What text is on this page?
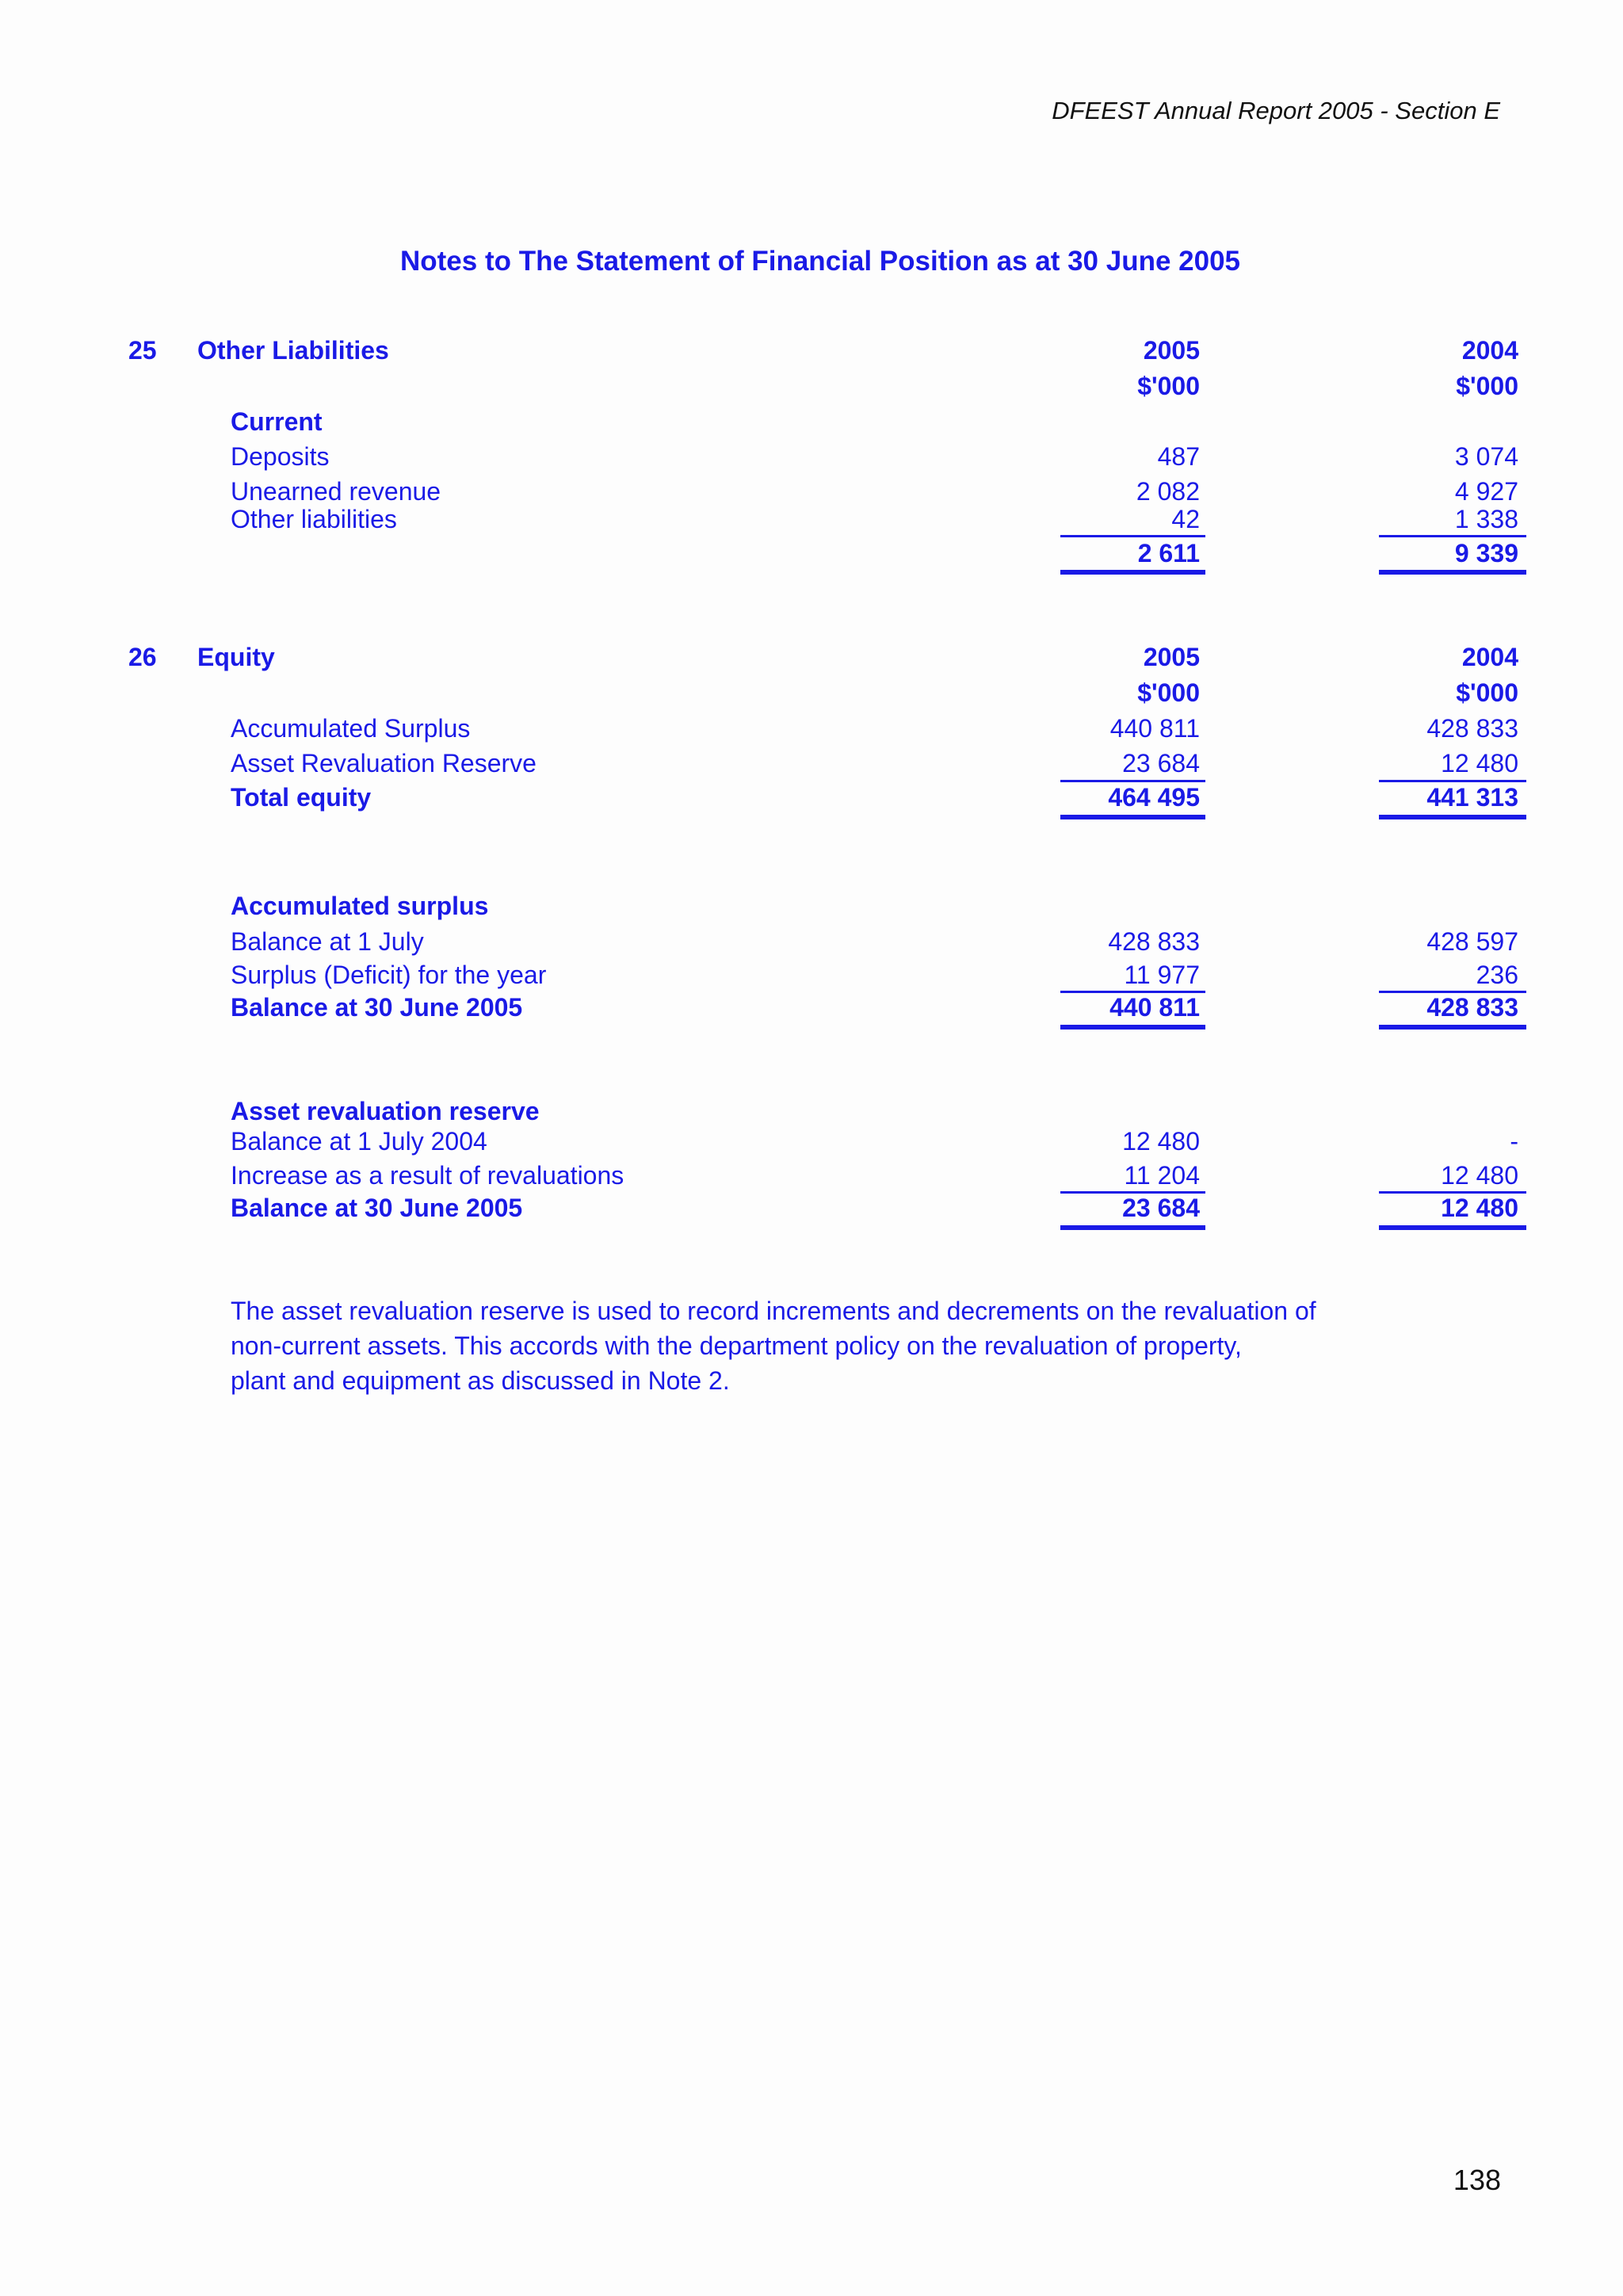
DFEEST Annual Report 2005 - Section E
Notes to The Statement of Financial Position as at 30 June 2005
25 Other Liabilities	2005	2004
$'000	$'000
Current
Deposits	487	3 074
Unearned revenue	2 082	4 927
Other liabilities	42	1 338
2 611	9 339
26 Equity	2005	2004
$'000	$'000
Accumulated Surplus	440 811	428 833
Asset Revaluation Reserve	23 684	12 480
Total equity	464 495	441 313
Accumulated surplus
Balance at 1 July	428 833	428 597
Surplus (Deficit) for the year	11 977	236
Balance at 30 June 2005	440 811	428 833
Asset revaluation reserve
Balance at 1 July 2004	12 480	-
Increase as a result of revaluations	11 204	12 480
Balance at 30 June 2005	23 684	12 480
The asset revaluation reserve is used to record increments and decrements on the revaluation of
non-current assets. This accords with the department policy on the revaluation of property,
plant and equipment as discussed in Note 2.
138
